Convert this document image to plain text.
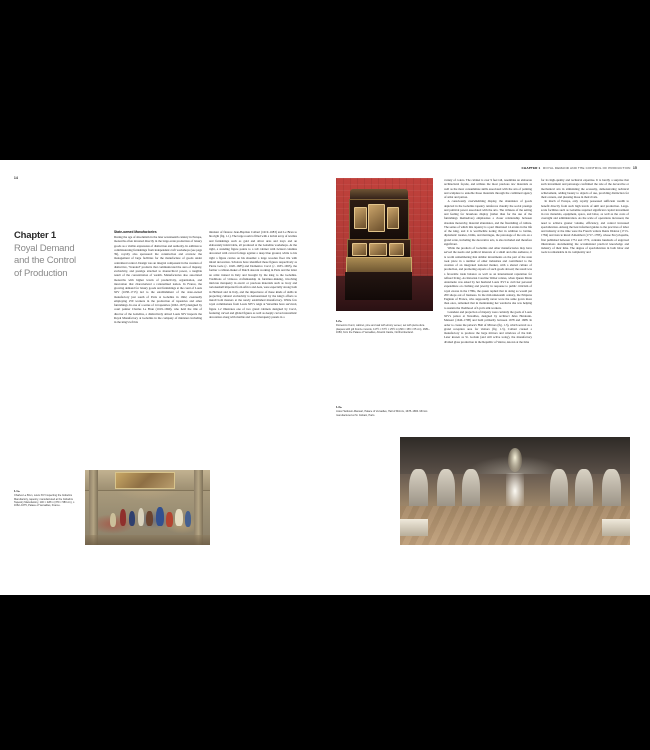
14
Chapter 1
Royal Demand
and the Control
of Production
State-owned Manufactories

During the age of absolutism in the later seventeenth century in Europe, monarchs often invested directly in the large-scale production of luxury goods as a visible expression of distinction and authority. In addition to commissioning furnishings from independent craft workshops (see page 39), royalty also sponsored the construction and oversaw the management of large facilities for the manufacture of goods under centralized control. Design was an integral component in the creation of distinctive, "branded" products that communicated the aura of majesty, exclusivity, and prestige attached to monarchical power, a tangible result of the concentration of wealth. Manufactories also associated monarchs with higher levels of productivity, organization, and innovation that characterized a rationalized nation. In France, the growing demand for luxury goods and furnishings at the court of Louis XIV (1638–1715) led to the establishment of the state-owned manufactory just south of Paris at Gobelins in 1662, eventually employing 250 workers in the production of tapestries and other furnishings. In one of a series of 14 tapestries (1662–1675) designed by court painter Charles Le Brun (1619–1690), who held the title of director of the Gobelins, a distinctively attired Louis XIV inspects the Royal Manufactory at Gobelins in the company of ministers including in the king's left his

minister of finance Jean-Baptiste Colbert (1619–1683) and Le Brun to his right (fig. 1.1). The large room is filled with a lavish array of textiles and furnishings such as gold and silver urns and trays and an elaborately inlaid table, all produced at the Gobelins workshops. At the right, a standing figure points to a tall cabinet with twisted columns decorated with carved foliage against a deep blue ground, while to his right a figure carries on his shoulder a large wooden floor tile with inlaid decoration. Scholars have identified these figures respectively as Pierre Gole (c. 1620–1685) and Domenico Cucci (c. 1635–1695), the former a cabinet-maker of Dutch descent working in Paris and the latter an artist trained in Italy and brought by the king to the Gobelins. Traditions of virtuoso craftsmanship in furniture-making, involving intricate marquetry in exotic or precious materials such as ivory and tortoiseshell imported from Africa and Asia, were especially strong both in Holland and in Italy, and the importance of these kinds of skills in projecting cultural exclusivity is demonstrated by the king's efforts to install both masters at the newly established manufactory. While few royal commissions from Louis XIV's reign at Versailles have survived, figure 1.2 illustrates one of two grand cabinets designed by Cucci, featuring carved and gilded figures as well as deeply carved naturalistic decoration along with marble and wood marquetry panels in a

1.1 ▸
Charles Le Brun, Louis XIV Inspecting the Gobelins Manufactory, tapestry, manufactured at the Gobelins Tapestry Manufactory, 146 × 228 in (370 × 580 cm), c. 1662–1675, Palace of Versailles, France.
CHAPTER 1 ROYAL DEMAND AND THE CONTROL OF PRODUCTION 15
1.2 ▸
Domenico Cucci, cabinet, pine and oak with ebony veneer, set with pietra dura plaques with gilt bronze mounts, 117½ × 67½ × 25½ in (299 × 156 × 65 cm), 1681–1683, from the Palace of Versailles, Alnwick Castle, Northumberland.
1.3 ▸
Jules Hardouin-Mansart, Palace of Versailles, Hall of Mirrors, 1678–1684. Mirrors manufactured at St. Gobain, Paris.

variety of colors. The cabinet is over 9 feet tall, resembles an elaborate architectural façade, and utilizes the most precious raw materials as well as the most consummate skills associated with the arts of painting and sculpture to ennoble those materials through the combined agency of artist and patron.

A consciously overwhelming display, the abundance of goods depicted in the Gobelins tapestry reinforces visually the social prestige and political power associated with the arts. The richness of the setting and feeling for luxurious display (rather than for the use of the furnishings themselves) emphasizes a closer relationship between absolute monarchy, material abundance, and the flourishing of culture. The series of which this tapestry is a part illustrated 14 events in the life of the king, and it is worthwhile noting that in addition to battles, diplomatic treaties, births, and marriages, the patronage of the arts on a grand scale, including the decorative arts, is also included and therefore significant.

While the products of Gobelins and other manufactories may have served the needs and political interests of a small and elite audience, it is worth remembering that similar investments on the part of the state took place in a number of other industries and contributed to the creation of an integrated national market, with a shared culture of production, and promoting exports of such goods abroad; the result was a favorable trade balance as well as an international reputation for refined living. As historian Caroline Weber relates, when Queen Marie Antoinette was asked by her husband Louis XVI to curb her personal expenditure on clothing and jewelry in response to public criticism of royal excess in the 1780s, the queen replied that in doing so would put 200 shops out of business. In the mid-nineteenth century, the Empress Eugénie of France, who supposedly never wore the same gown more than once, remarked that in maintaining her wardrobe she was helping to sustain the livelihood of Lyon's silk workers.

Grandeur and projection of majesty were certainly the goals of Louis XIV's palace at Versailles, designed by architect Jules Hardouin-Mansart (1646–1708) and built primarily between 1678 and 1688. In order to create the palace's Hall of Mirrors (fig. 1.3), which served as a grand reception area for visitors (fig. 1.3), Colbert created a manufactory to produce the large mirrors and windows of the hall. Later known as St. Gobain (and still active today), the manufactory divided glass production in the Republic of Venice, known at the time

for its high-quality and technical expertise. It is hardly a surprise that such investment and patronage confirmed the role of the decorative or mechanical arts in stimulating the economy, demonstrating technical achievement, adding beauty to objects of use, providing distinction for their owners, and pleasing those in their rivals.

In much of Europe, only royalty possessed sufficient wealth to benefit directly from such high levels of skill and production. Large-scale facilities such as Gobelins required significant capital investment in raw materials, equipment, space, and labor, as well as the costs of oversight and administration. As the scale of operations increased, the need to achieve greater volume, efficiency, and control increased specialization. Among the best informed guides to the practices of labor and industry at the time were the French writers Denis Diderot (1713–1784) and Jean le Rond d'Alembert (1717–1783), whose Encyclopédie, first published between 1751 and 1772, contains hundreds of engraved illustrations documenting the accumulated practical knowledge and industry of their time. The degree of specialization in both labor and tools is remarkable in its complexity and
